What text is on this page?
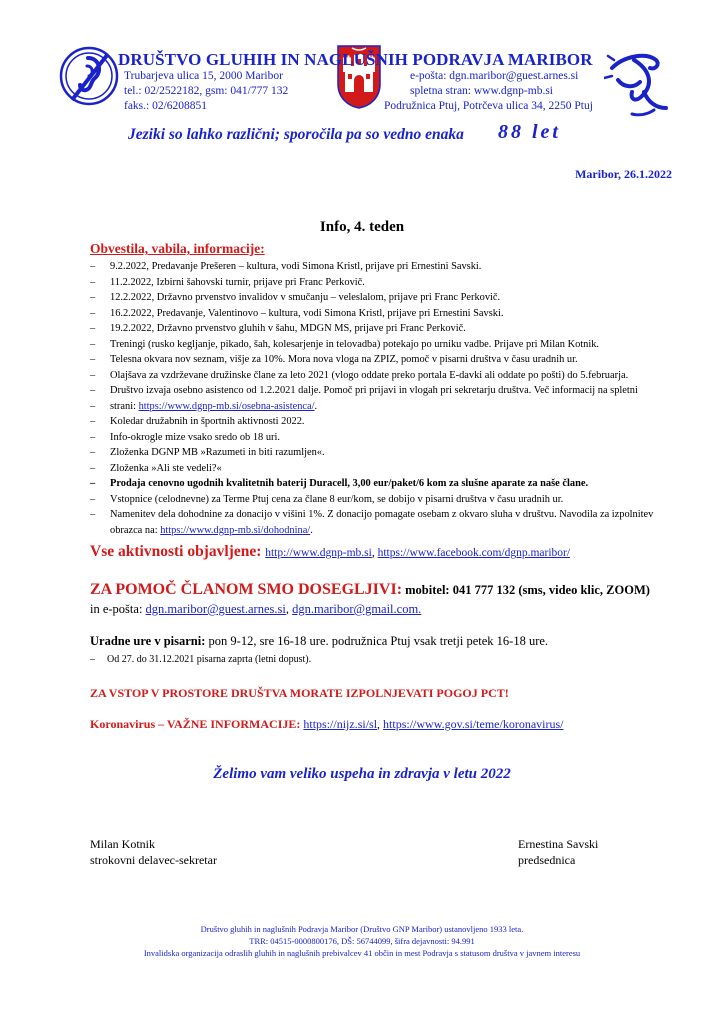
DRUŠTVO GLUHIH IN NAGLUŠNIH PODRAVJA MARIBOR
Trubarjeva ulica 15, 2000 Maribor
tel.: 02/2522182, gsm: 041/777 132
faks.: 02/6208851
e-pošta: dgn.maribor@guest.arnes.si
spletna stran: www.dgnp-mb.si
Podružnica Ptuj, Potrčeva ulica 34, 2250 Ptuj
Jeziki so lahko različni; sporočila pa so vedno enaka 88 let
Maribor, 26.1.2022
Info, 4. teden
Obvestila, vabila, informacije:
– 9.2.2022, Predavanje Prešeren – kultura, vodi Simona Kristl, prijave pri Ernestini Savski.
– 11.2.2022, Izbirni šahovski turnir, prijave pri Franc Perkovič.
– 12.2.2022, Državno prvenstvo invalidov v smučanju – veleslalom, prijave pri Franc Perkovič.
– 16.2.2022, Predavanje, Valentinovo – kultura, vodi Simona Kristl, prijave pri Ernestini Savski.
– 19.2.2022, Državno prvenstvo gluhih v šahu, MDGN MS, prijave pri Franc Perkovič.
– Treningi (rusko kegljanje, pikado, šah, kolesarjenje in telovadba) potekajo po urniku vadbe. Prijave pri Milan Kotnik.
– Telesna okvara nov seznam, višje za 10%. Mora nova vloga na ZPIZ, pomoč v pisarni društva v času uradnih ur.
– Olajšava za vzdrževane družinske člane za leto 2021 (vlogo oddate preko portala E-davki ali oddate po pošti) do 5.februarja.
– Društvo izvaja osebno asistenco od 1.2.2021 dalje. Pomoč pri prijavi in vlogah pri sekretarju društva. Več informacij na spletni
– strani: https://www.dgnp-mb.si/osebna-asistenca/.
– Koledar družabnih in športnih aktivnosti 2022.
– Info-okrogle mize vsako sredo ob 18 uri.
– Zloženka DGNP MB »Razumeti in biti razumljen«.
– Zloženka »Ali ste vedeli?«
– Prodaja cenovno ugodnih kvalitetnih baterij Duracell, 3,00 eur/paket/6 kom za slušne aparate za naše člane.
– Vstopnice (celodnevne) za Terme Ptuj cena za člane 8 eur/kom, se dobijo v pisarni društva v času uradnih ur.
– Namenitev dela dohodnine za donacijo v višini 1%. Z donacijo pomagate osebam z okvaro sluha v društvu. Navodila za izpolnitev obrazca na: https://www.dgnp-mb.si/dohodnina/.
Vse aktivnosti objavljene: http://www.dgnp-mb.si, https://www.facebook.com/dgnp.maribor/
ZA POMOČ ČLANOM SMO DOSEGLJIVI: mobitel: 041 777 132 (sms, video klic, ZOOM) in e-pošta: dgn.maribor@guest.arnes.si, dgn.maribor@gmail.com.
Uradne ure v pisarni: pon 9-12, sre 16-18 ure. podružnica Ptuj vsak tretji petek 16-18 ure.
– Od 27. do 31.12.2021 pisarna zaprta (letni dopust).
ZA VSTOP V PROSTORE DRUŠTVA MORATE IZPOLNJEVATI POGOJ PCT!
Koronavirus – VAŽNE INFORMACIJE: https://nijz.si/sl, https://www.gov.si/teme/koronavirus/
Želimo vam veliko uspeha in zdravja v letu 2022
Milan Kotnik
strokovni delavec-sekretar
Ernestina Savski
predsednica
Društvo gluhih in naglušnih Podravja Maribor (Društvo GNP Maribor) ustanovljeno 1933 leta.
TRR: 04515-0000800176, DŠ: 56744099, šifra dejavnosti: 94.991
Invalidska organizacija odraslih gluhih in naglušnih prebivalcev 41 občin in mest Podravja s statusom društva v javnem interesu
